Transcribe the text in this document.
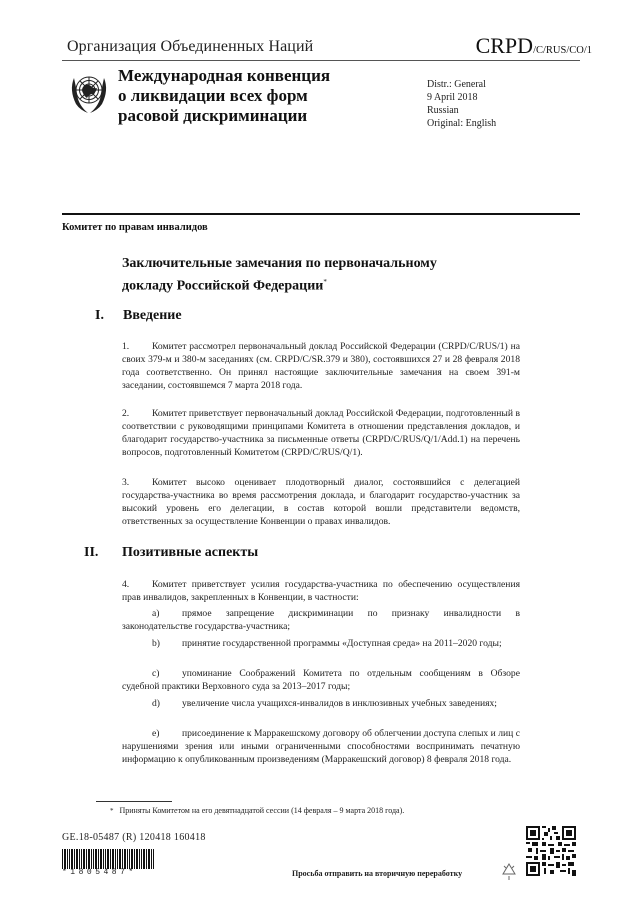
Организация Объединенных Наций	CRPD/C/RUS/CO/1
Международная конвенция
о ликвидации всех форм
расовой дискриминации
Distr.: General
9 April 2018
Russian
Original: English
Комитет по правам инвалидов
Заключительные замечания по первоначальному
докладу Российской Федерации*
I. Введение
1. Комитет рассмотрел первоначальный доклад Российской Федерации (CRPD/C/RUS/1) на своих 379-м и 380-м заседаниях (см. CRPD/C/SR.379 и 380), состоявшихся 27 и 28 февраля 2018 года соответственно. Он принял настоящие заключительные замечания на своем 391-м заседании, состоявшемся 7 марта 2018 года.
2. Комитет приветствует первоначальный доклад Российской Федерации, подготовленный в соответствии с руководящими принципами Комитета в отношении представления докладов, и благодарит государство-участника за письменные ответы (CRPD/C/RUS/Q/1/Add.1) на перечень вопросов, подготовленный Комитетом (CRPD/C/RUS/Q/1).
3. Комитет высоко оценивает плодотворный диалог, состоявшийся с делегацией государства-участника во время рассмотрения доклада, и благодарит государство-участник за высокий уровень его делегации, в состав которой вошли представители ведомств, ответственных за осуществление Конвенции о правах инвалидов.
II. Позитивные аспекты
4. Комитет приветствует усилия государства-участника по обеспечению осуществления прав инвалидов, закрепленных в Конвенции, в частности:
a) прямое запрещение дискриминации по признаку инвалидности в законодательстве государства-участника;
b) принятие государственной программы «Доступная среда» на 2011–2020 годы;
c) упоминание Соображений Комитета по отдельным сообщениям в Обзоре судебной практики Верховного суда за 2013–2017 годы;
d) увеличение числа учащихся-инвалидов в инклюзивных учебных заведениях;
e) присоединение к Марракешскому договору об облегчении доступа слепых и лиц с нарушениями зрения или иными ограниченными способностями воспринимать печатную информацию к опубликованным произведениям (Марракешский договор) 8 февраля 2018 года.
* Приняты Комитетом на его девятнадцатой сессии (14 февраля – 9 марта 2018 года).
GE.18-05487 (R) 120418 160418
*1805487*	Просьба отправить на вторичную переработку
